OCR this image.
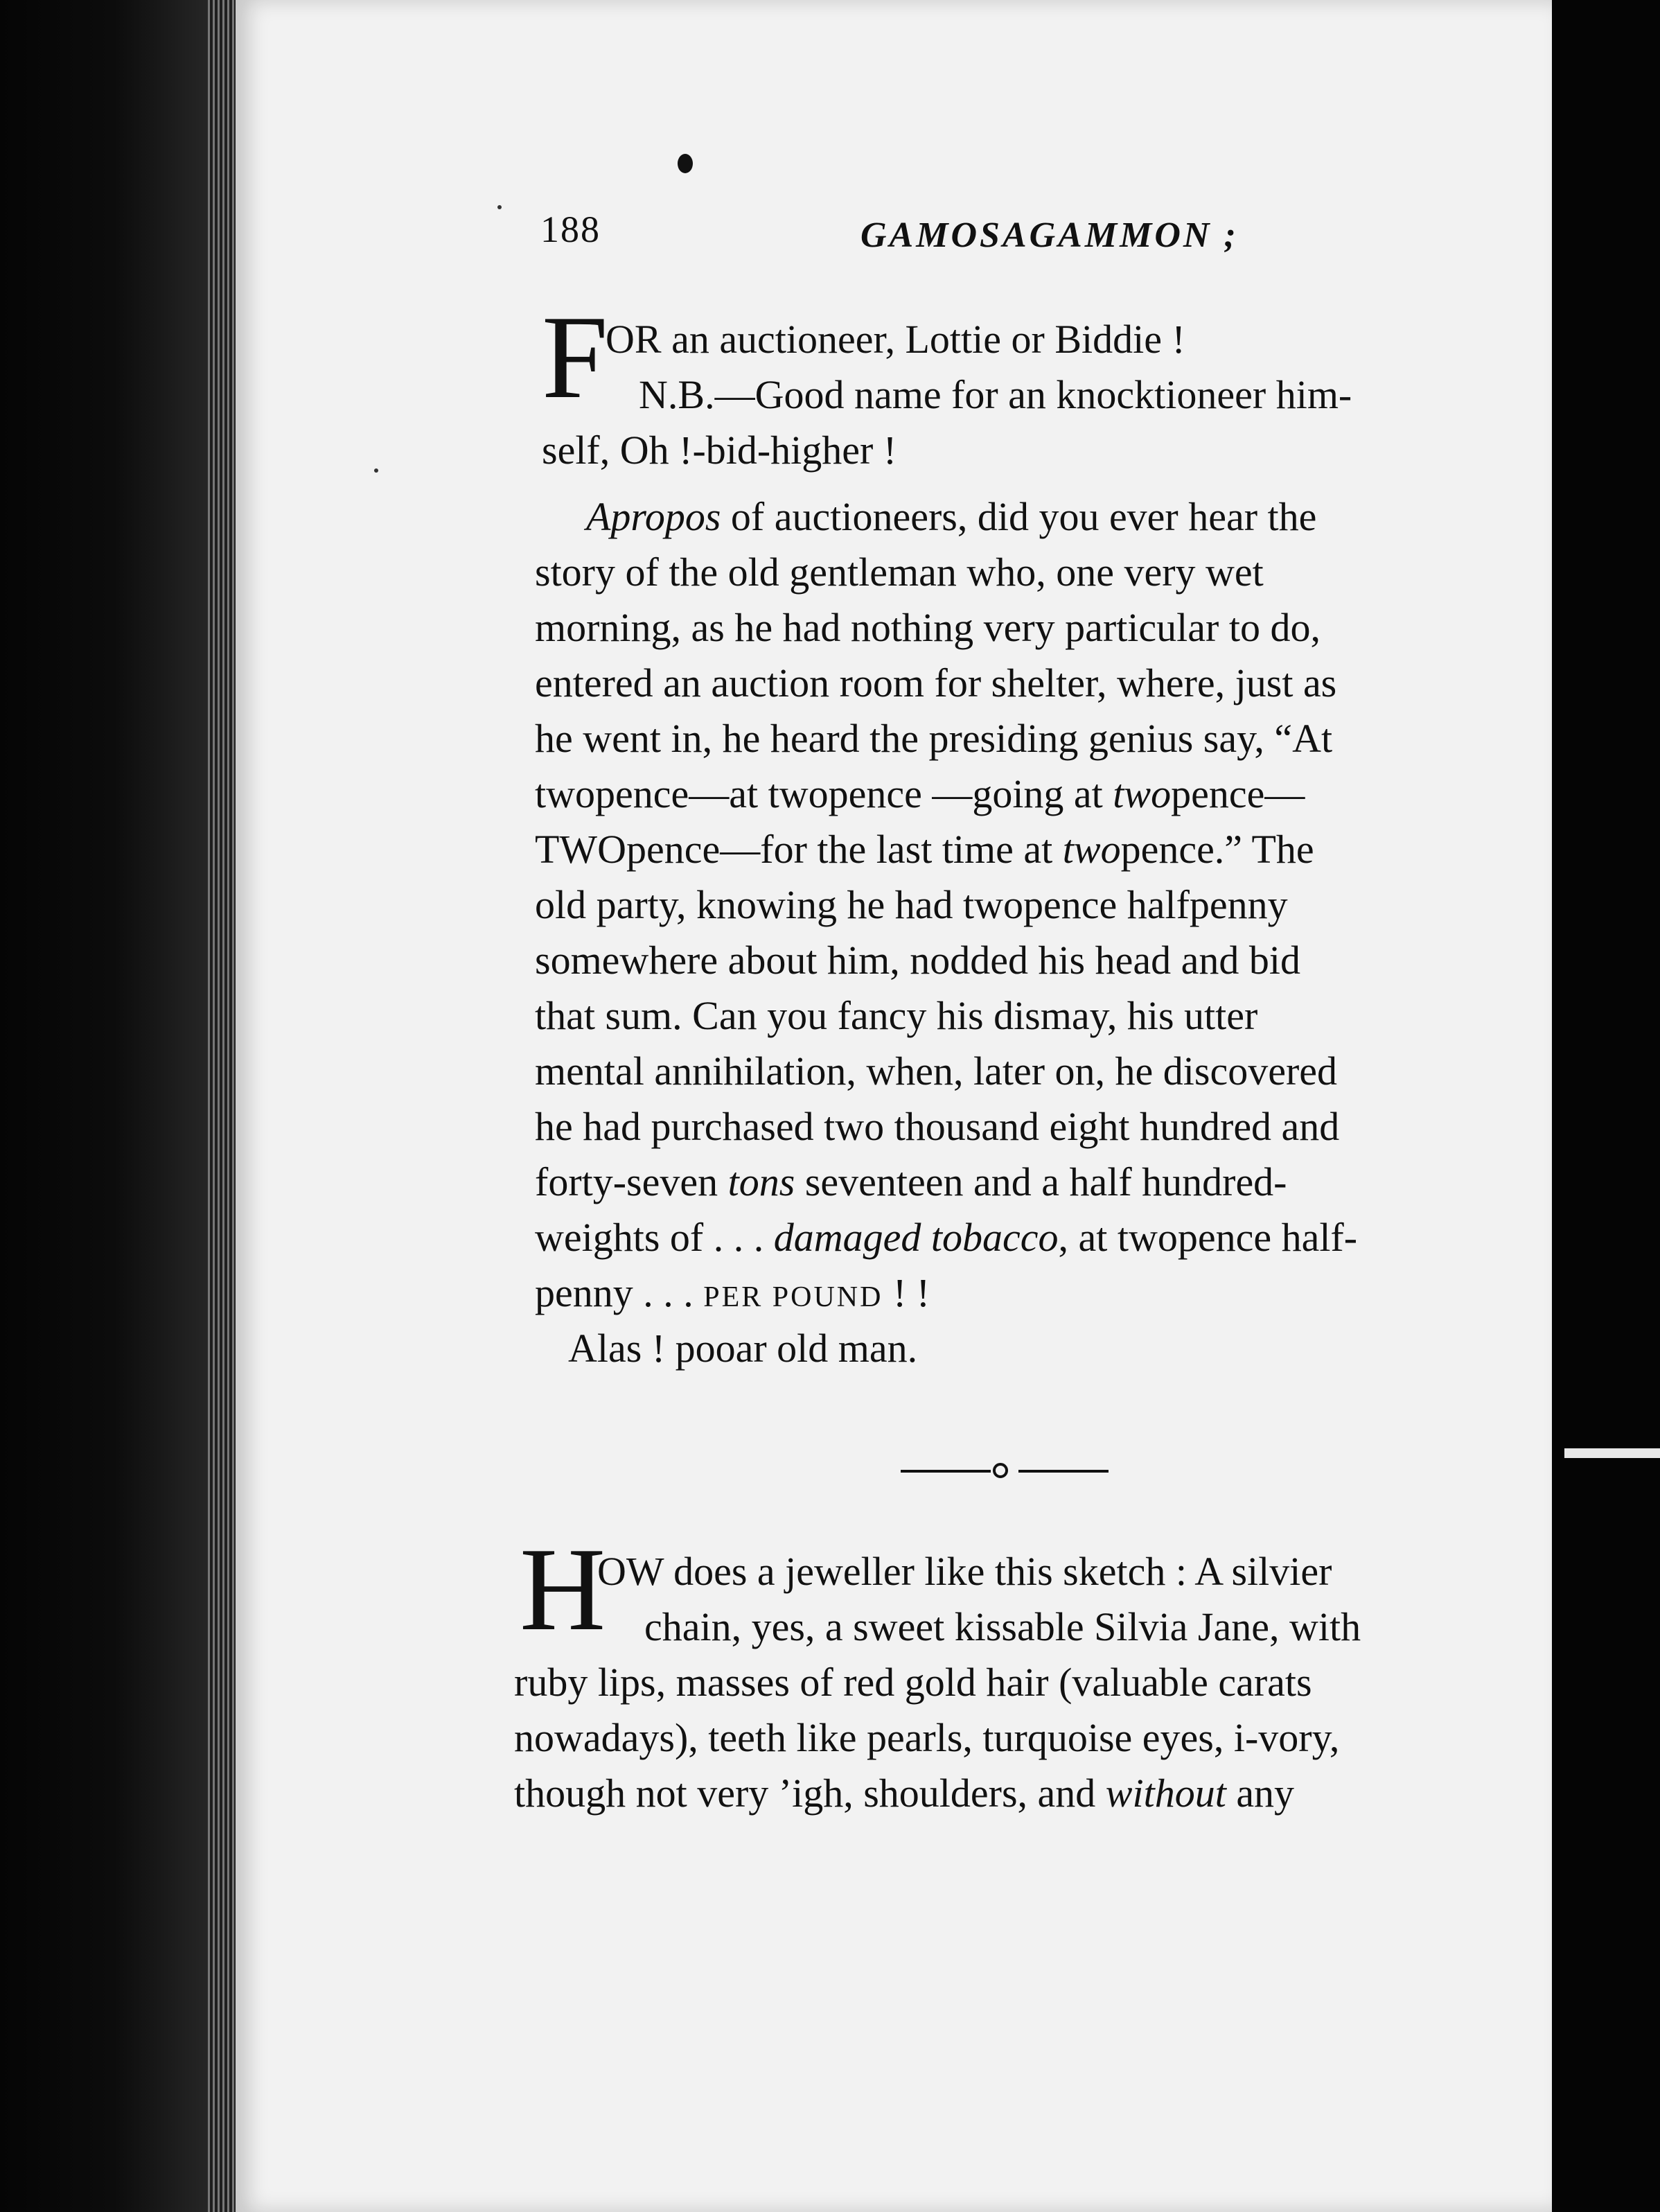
188	GAMOSAGAMMON ;
F
OR an auctioneer, Lottie or Biddie !
N.B.—Good name for an knocktioneer him-
self, Oh !-bid-higher !
Apropos of auctioneers, did you ever hear the
story of the old gentleman who, one very wet
morning, as he had nothing very particular to do,
entered an auction room for shelter, where, just as
he went in, he heard the presiding genius say, “At
twopence—at twopence —going at twopence—
TWOpence—for the last time at twopence.” The
old party, knowing he had twopence halfpenny
somewhere about him, nodded his head and bid
that sum. Can you fancy his dismay, his utter
mental annihilation, when, later on, he discovered
he had purchased two thousand eight hundred and
forty-seven tons seventeen and a half hundred-
weights of . . . damaged tobacco, at twopence half-
penny . . . PER POUND ! !
Alas ! pooar old man.
H
OW does a jeweller like this sketch : A silvier
chain, yes, a sweet kissable Silvia Jane, with
ruby lips, masses of red gold hair (valuable carats
nowadays), teeth like pearls, turquoise eyes, i-vory,
though not very ’igh, shoulders, and without any
